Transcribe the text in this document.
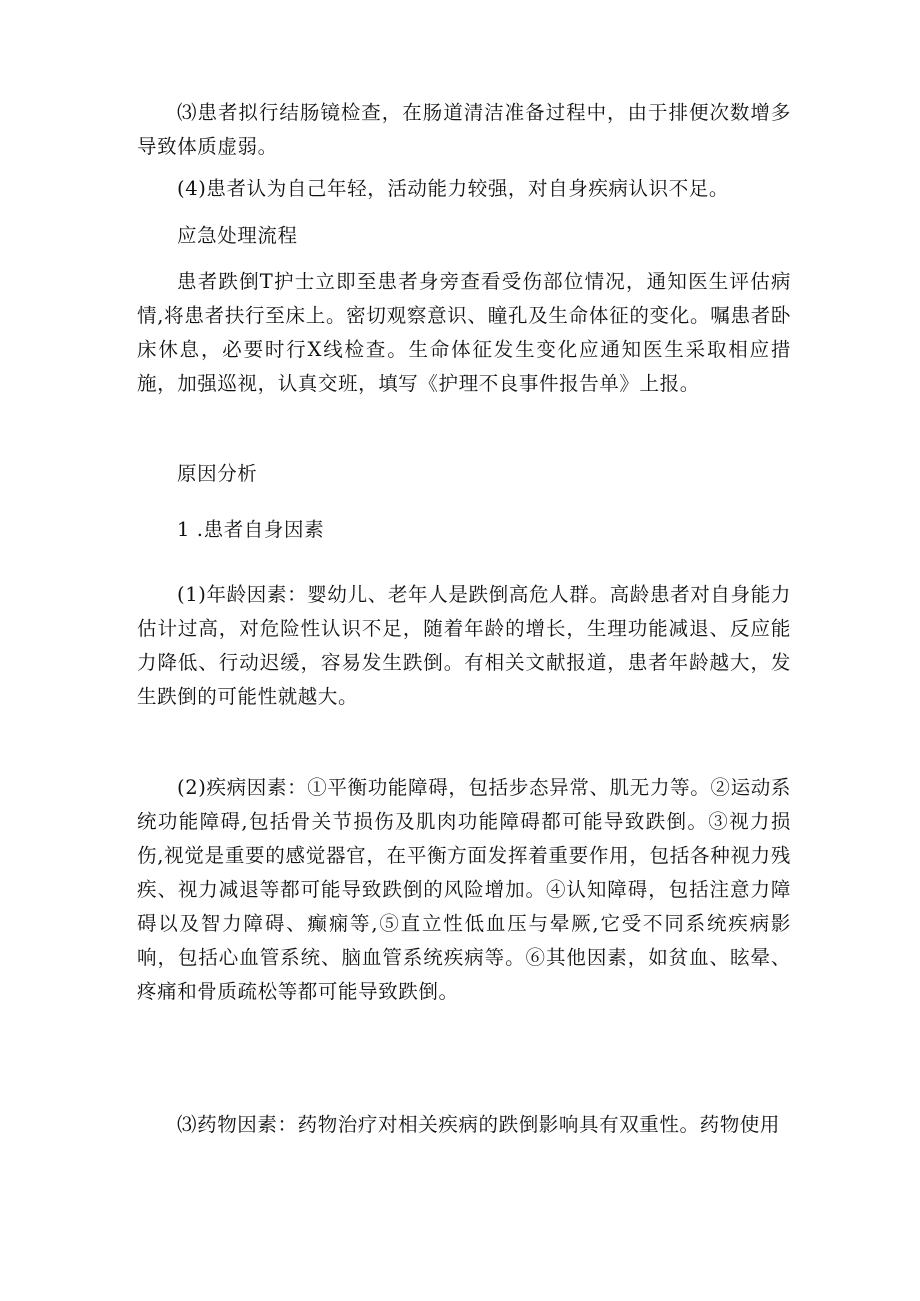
⑶患者拟行结肠镜检查，在肠道清洁准备过程中，由于排便次数增多导致体质虚弱。

(4)患者认为自己年轻，活动能力较强，对自身疾病认识不足。

应急处理流程

患者跌倒T护士立即至患者身旁查看受伤部位情况，通知医生评估病情,将患者扶行至床上。密切观察意识、瞳孔及生命体征的变化。嘱患者卧床休息，必要时行X线检查。生命体征发生变化应通知医生采取相应措施，加强巡视，认真交班，填写《护理不良事件报告单》上报。

原因分析

1 .患者自身因素

(1)年龄因素：婴幼儿、老年人是跌倒高危人群。高龄患者对自身能力估计过高，对危险性认识不足，随着年龄的增长，生理功能减退、反应能力降低、行动迟缓，容易发生跌倒。有相关文献报道，患者年龄越大，发生跌倒的可能性就越大。

(2)疾病因素：①平衡功能障碍，包括步态异常、肌无力等。②运动系统功能障碍,包括骨关节损伤及肌肉功能障碍都可能导致跌倒。③视力损伤,视觉是重要的感觉器官，在平衡方面发挥着重要作用，包括各种视力残疾、视力减退等都可能导致跌倒的风险增加。④认知障碍，包括注意力障碍以及智力障碍、癫痫等,⑤直立性低血压与晕厥,它受不同系统疾病影响，包括心血管系统、脑血管系统疾病等。⑥其他因素，如贫血、眩晕、疼痛和骨质疏松等都可能导致跌倒。

⑶药物因素：药物治疗对相关疾病的跌倒影响具有双重性。药物使用
